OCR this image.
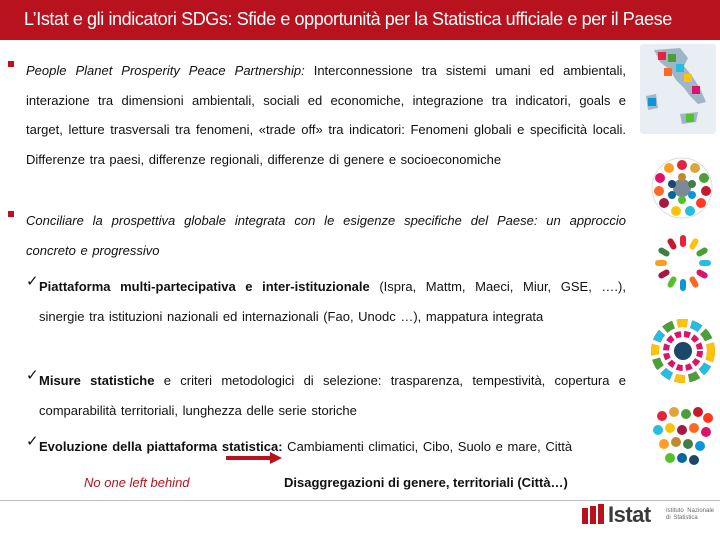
L’Istat e gli indicatori SDGs: Sfide e opportunità per la Statistica ufficiale e per il Paese
People Planet Prosperity Peace Partnership: Interconnessione tra sistemi umani ed ambientali, interazione tra dimensioni ambientali, sociali ed economiche, integrazione tra indicatori, goals e target, letture trasversali tra fenomeni, «trade off» tra indicatori: Fenomeni globali e specificità locali. Differenze tra paesi, differenze regionali, differenze di genere e socioeconomiche
Conciliare la prospettiva globale integrata con le esigenze specifiche del Paese: un approccio concreto e progressivo
✓ Piattaforma multi-partecipativa e inter-istituzionale (Ispra, Mattm, Maeci, Miur, GSE, ….), sinergie tra istituzioni nazionali ed internazionali (Fao, Unodc …), mappatura integrata
✓ Misure statistiche e criteri metodologici di selezione: trasparenza, tempestività, copertura e comparabilità territoriali, lunghezza delle serie storiche
✓ Evoluzione della piattaforma statistica: Cambiamenti climatici, Cibo, Suolo e mare, Città
No one left behind	Disaggregazioni di genere, territoriali (Città…)
Istat	Istituto Nazionale di Statistica
